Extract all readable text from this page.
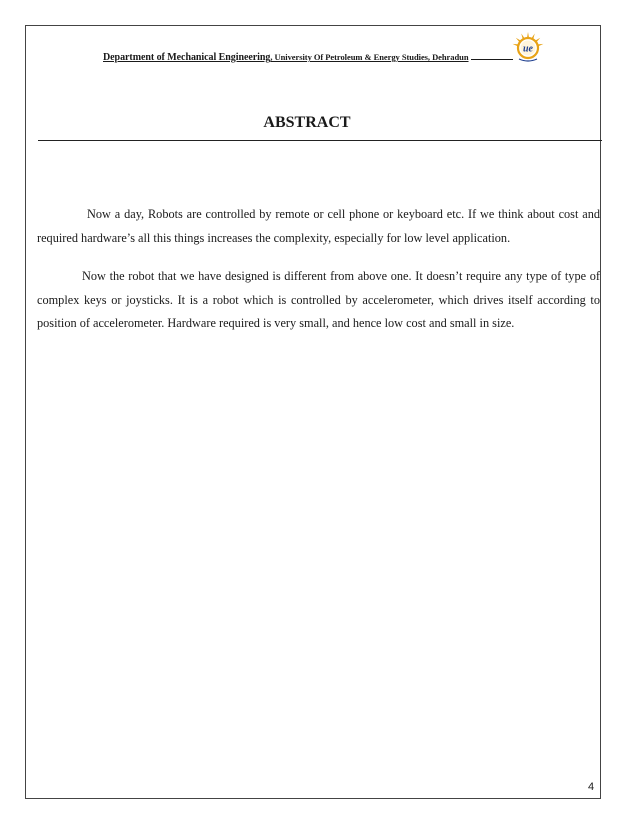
Department of Mechanical Engineering, University Of Petroleum & Energy Studies, Dehradun
ue
ABSTRACT

Now a day, Robots are controlled by remote or cell phone or keyboard etc. If we think about cost and required hardware’s all this things increases the complexity, especially for low level application.

Now the robot that we have designed is different from above one. It doesn’t require any type of type of complex keys or joysticks. It is a robot which is controlled by accelerometer, which drives itself according to position of accelerometer. Hardware required is very small, and hence low cost and small in size.

4
